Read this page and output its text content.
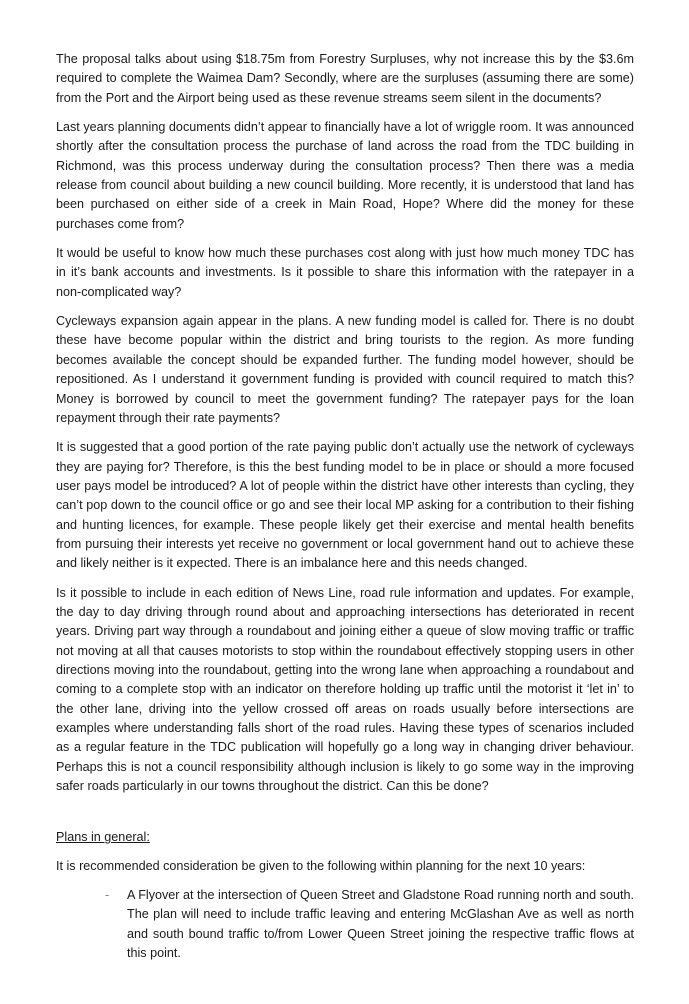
The proposal talks about using $18.75m from Forestry Surpluses, why not increase this by the $3.6m required to complete the Waimea Dam? Secondly, where are the surpluses (assuming there are some) from the Port and the Airport being used as these revenue streams seem silent in the documents?

Last years planning documents didn’t appear to financially have a lot of wriggle room. It was announced shortly after the consultation process the purchase of land across the road from the TDC building in Richmond, was this process underway during the consultation process? Then there was a media release from council about building a new council building. More recently, it is understood that land has been purchased on either side of a creek in Main Road, Hope? Where did the money for these purchases come from?

It would be useful to know how much these purchases cost along with just how much money TDC has in it’s bank accounts and investments. Is it possible to share this information with the ratepayer in a non-complicated way?

Cycleways expansion again appear in the plans. A new funding model is called for. There is no doubt these have become popular within the district and bring tourists to the region. As more funding becomes available the concept should be expanded further. The funding model however, should be repositioned. As I understand it government funding is provided with council required to match this? Money is borrowed by council to meet the government funding? The ratepayer pays for the loan repayment through their rate payments?

It is suggested that a good portion of the rate paying public don’t actually use the network of cycleways they are paying for? Therefore, is this the best funding model to be in place or should a more focused user pays model be introduced? A lot of people within the district have other interests than cycling, they can’t pop down to the council office or go and see their local MP asking for a contribution to their fishing and hunting licences, for example. These people likely get their exercise and mental health benefits from pursuing their interests yet receive no government or local government hand out to achieve these and likely neither is it expected. There is an imbalance here and this needs changed.

Is it possible to include in each edition of News Line, road rule information and updates. For example, the day to day driving through round about and approaching intersections has deteriorated in recent years. Driving part way through a roundabout and joining either a queue of slow moving traffic or traffic not moving at all that causes motorists to stop within the roundabout effectively stopping users in other directions moving into the roundabout, getting into the wrong lane when approaching a roundabout and coming to a complete stop with an indicator on therefore holding up traffic until the motorist it ‘let in’ to the other lane, driving into the yellow crossed off areas on roads usually before intersections are examples where understanding falls short of the road rules. Having these types of scenarios included as a regular feature in the TDC publication will hopefully go a long way in changing driver behaviour. Perhaps this is not a council responsibility although inclusion is likely to go some way in the improving safer roads particularly in our towns throughout the district. Can this be done?

Plans in general:

It is recommended consideration be given to the following within planning for the next 10 years:

- A Flyover at the intersection of Queen Street and Gladstone Road running north and south. The plan will need to include traffic leaving and entering McGlashan Ave as well as north and south bound traffic to/from Lower Queen Street joining the respective traffic flows at this point.
